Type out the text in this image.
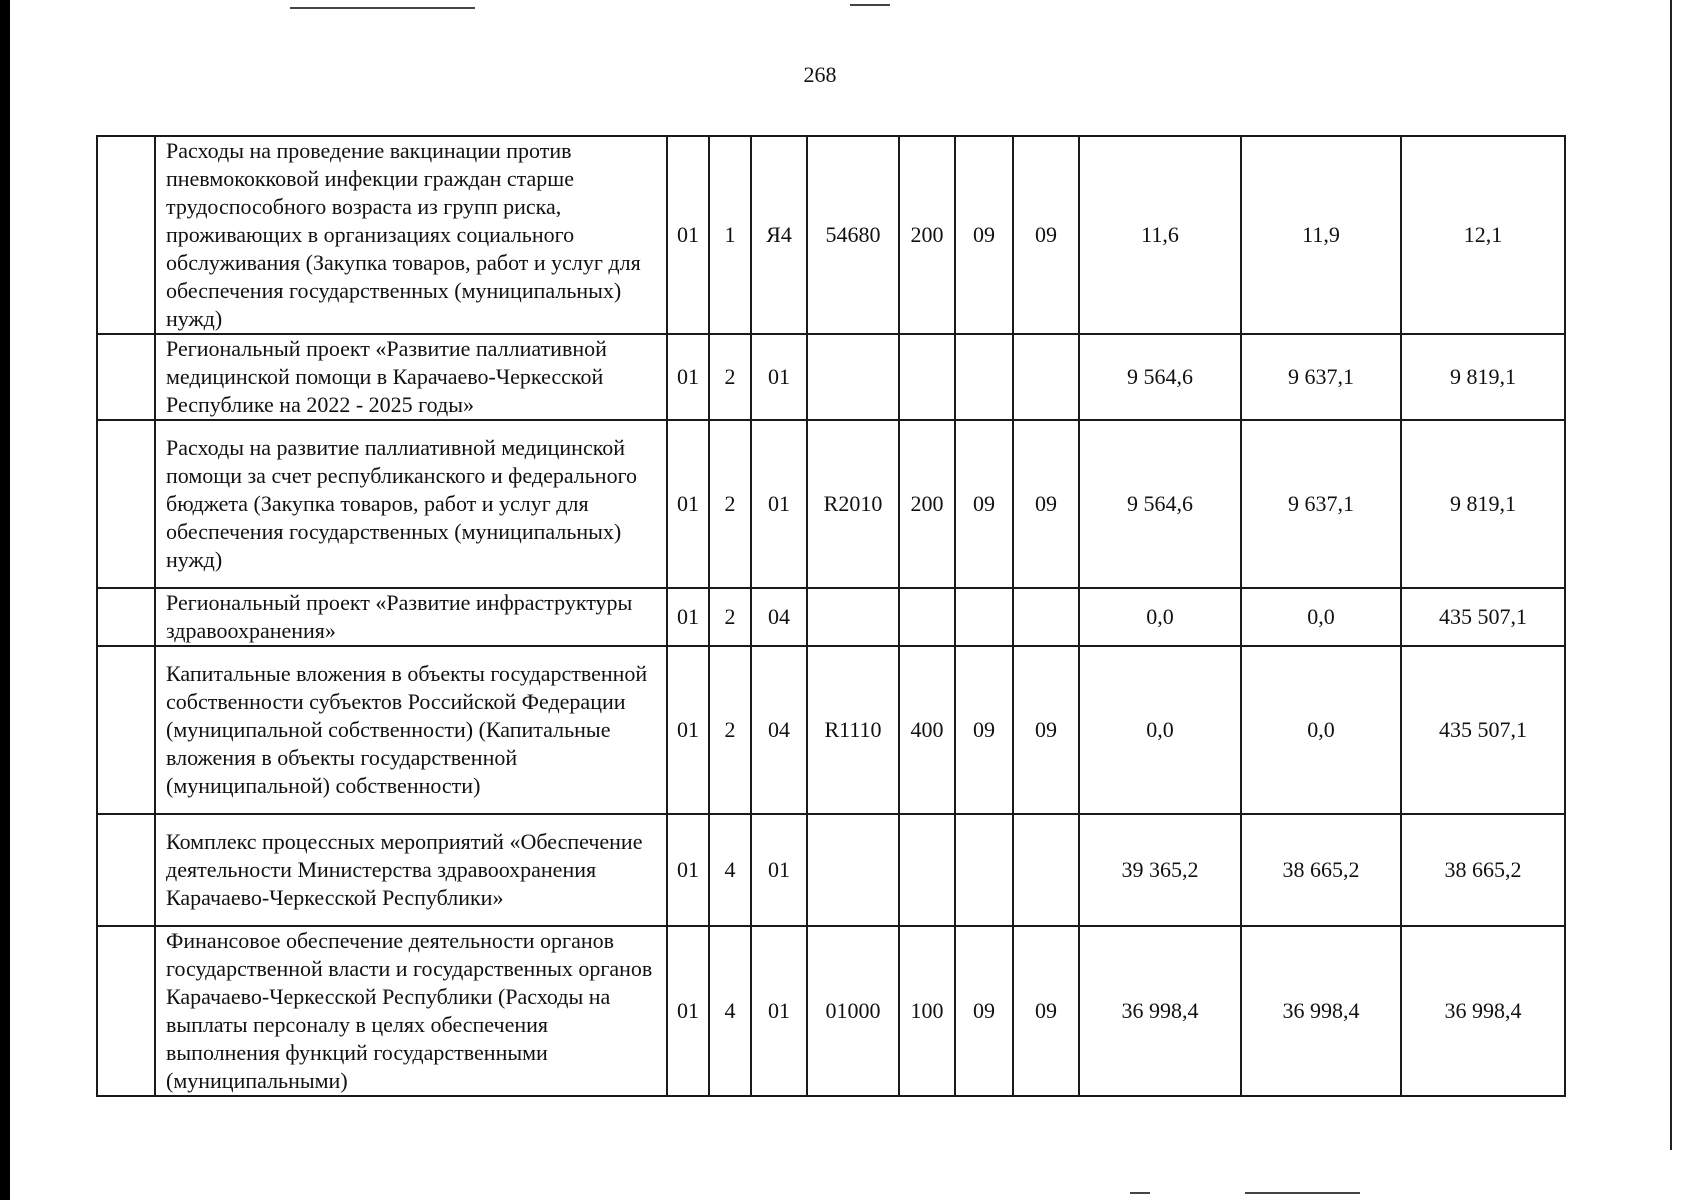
268
	Расходы на проведение вакцинации против пневмококковой инфекции граждан старше трудоспособного возраста из групп риска, проживающих в организациях социального обслуживания (Закупка товаров, работ и услуг для обеспечения государственных (муниципальных) нужд)	01	1	Я4	54680	200	09	09	11,6	11,9	12,1
	Региональный проект «Развитие паллиативной медицинской помощи в Карачаево-Черкесской Республике на 2022 - 2025 годы»	01	2	01					9 564,6	9 637,1	9 819,1
	Расходы на развитие паллиативной медицинской помощи за счет республиканского и федерального бюджета (Закупка товаров, работ и услуг для обеспечения государственных (муниципальных) нужд)	01	2	01	R2010	200	09	09	9 564,6	9 637,1	9 819,1
	Региональный проект «Развитие инфраструктуры здравоохранения»	01	2	04					0,0	0,0	435 507,1
	Капитальные вложения в объекты государственной собственности субъектов Российской Федерации (муниципальной собственности) (Капитальные вложения в объекты государственной (муниципальной) собственности)	01	2	04	R1110	400	09	09	0,0	0,0	435 507,1
	Комплекс процессных мероприятий «Обеспечение деятельности Министерства здравоохранения Карачаево-Черкесской Республики»	01	4	01					39 365,2	38 665,2	38 665,2
	Финансовое обеспечение деятельности органов государственной власти и государственных органов Карачаево-Черкесской Республики (Расходы на выплаты персоналу в целях обеспечения выполнения функций государственными (муниципальными)	01	4	01	01000	100	09	09	36 998,4	36 998,4	36 998,4
